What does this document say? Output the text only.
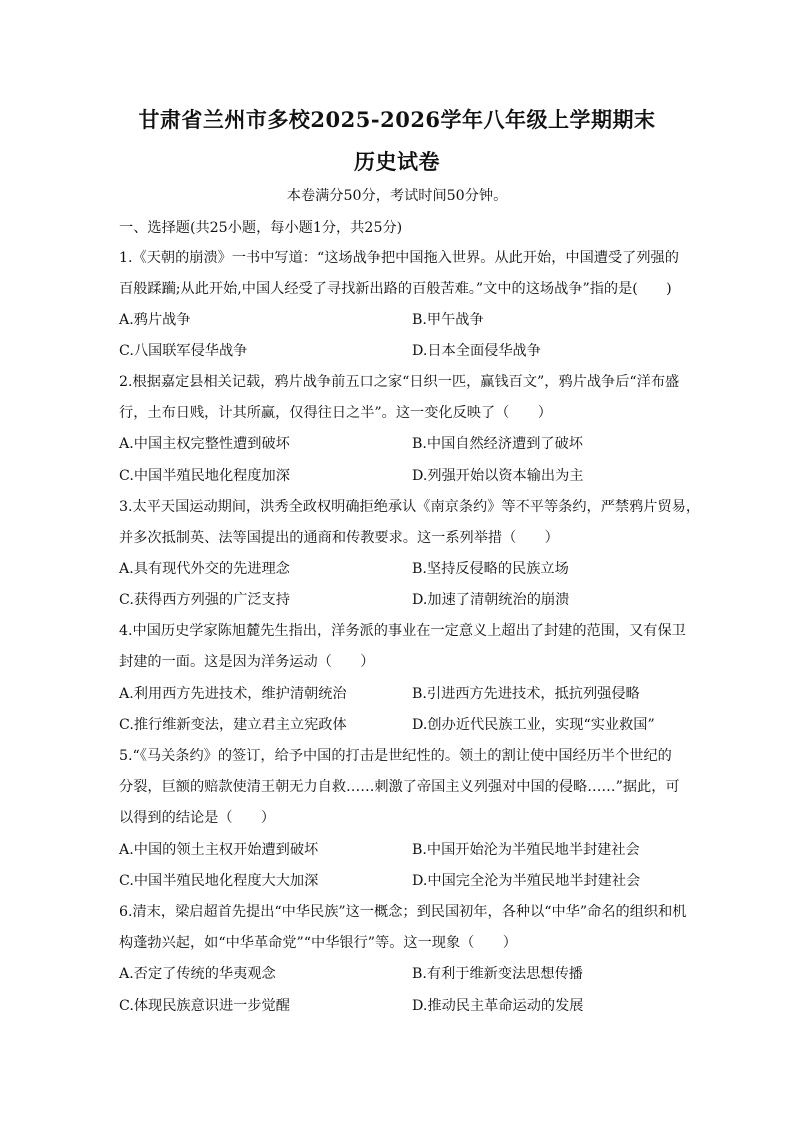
甘肃省兰州市多校2025-2026学年八年级上学期期末
历史试卷
本卷满分50分，考试时间50分钟。
一、选择题(共25小题，每小题1分，共25分)
1.《天朝的崩溃》一书中写道：“这场战争把中国拖入世界。从此开始，中国遭受了列强的
百般蹂躏;从此开始,中国人经受了寻找新出路的百般苦难。”文中的这场战争”指的是(　　)
A.鸦片战争	B.甲午战争
C.八国联军侵华战争	D.日本全面侵华战争
2.根据嘉定县相关记载，鸦片战争前五口之家“日织一匹，赢钱百文”，鸦片战争后“洋布盛
行，土布日贱，计其所赢，仅得往日之半”。这一变化反映了（　　）
A.中国主权完整性遭到破坏	B.中国自然经济遭到了破坏
C.中国半殖民地化程度加深	D.列强开始以资本输出为主
3.太平天国运动期间，洪秀全政权明确拒绝承认《南京条约》等不平等条约，严禁鸦片贸易，
并多次抵制英、法等国提出的通商和传教要求。这一系列举措（　　）
A.具有现代外交的先进理念	B.坚持反侵略的民族立场
C.获得西方列强的广泛支持	D.加速了清朝统治的崩溃
4.中国历史学家陈旭麓先生指出，洋务派的事业在一定意义上超出了封建的范围，又有保卫
封建的一面。这是因为洋务运动（　　）
A.利用西方先进技术，维护清朝统治	B.引进西方先进技术，抵抗列强侵略
C.推行维新变法，建立君主立宪政体	D.创办近代民族工业，实现“实业救国”
5.“《马关条约》的签订，给予中国的打击是世纪性的。领土的割让使中国经历半个世纪的
分裂，巨额的赔款使清王朝无力自救……刺激了帝国主义列强对中国的侵略……”据此，可
以得到的结论是（　　）
A.中国的领土主权开始遭到破坏	B.中国开始沦为半殖民地半封建社会
C.中国半殖民地化程度大大加深	D.中国完全沦为半殖民地半封建社会
6.清末，梁启超首先提出“中华民族”这一概念；到民国初年，各种以“中华”命名的组织和机
构蓬勃兴起，如“中华革命党”“中华银行”等。这一现象（　　）
A.否定了传统的华夷观念	B.有利于维新变法思想传播
C.体现民族意识进一步觉醒	D.推动民主革命运动的发展
